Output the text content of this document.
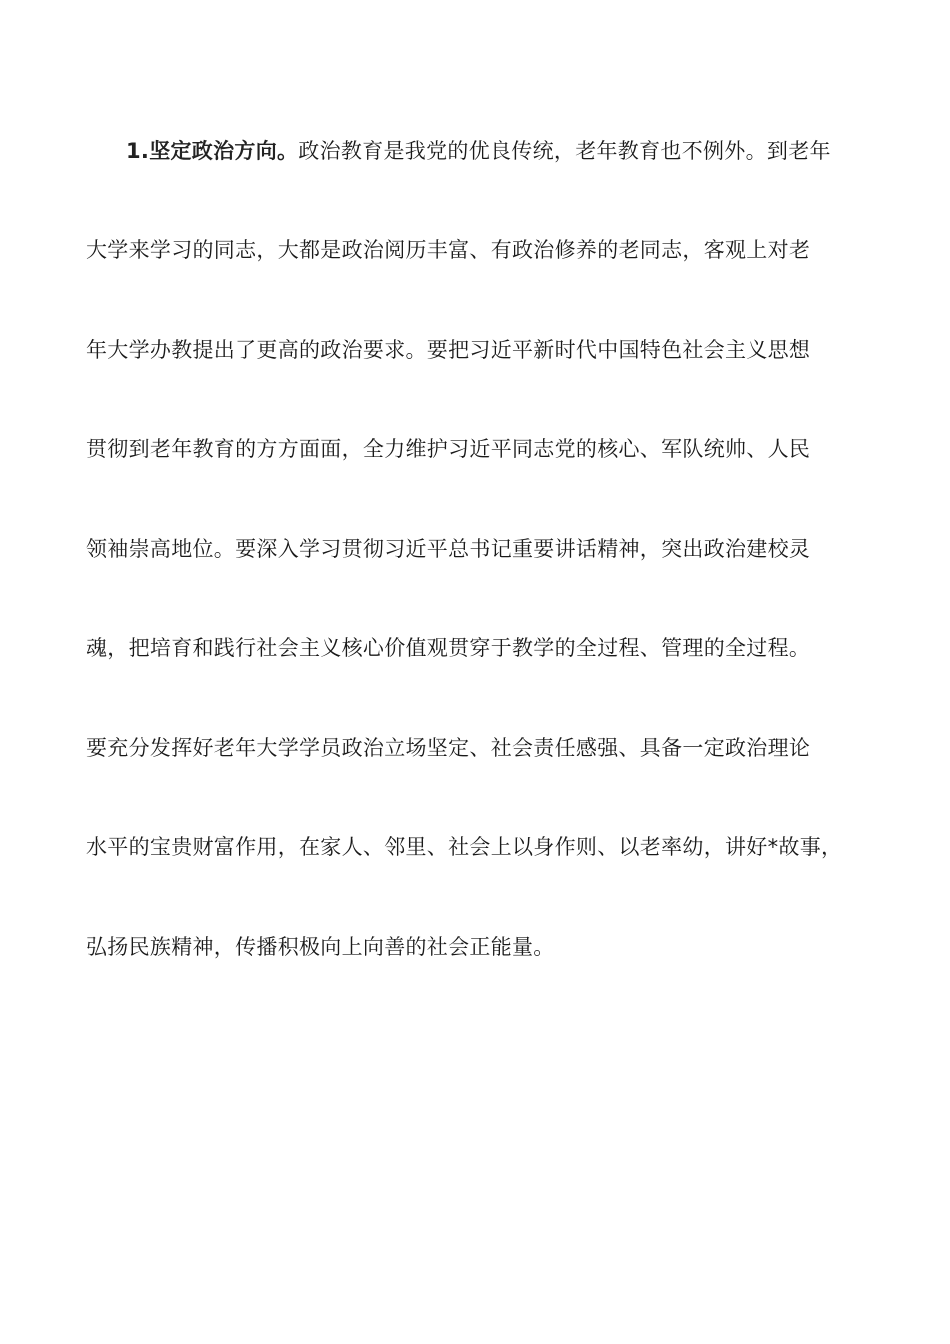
1.坚定政治方向。政治教育是我党的优良传统，老年教育也不例外。到老年
大学来学习的同志，大都是政治阅历丰富、有政治修养的老同志，客观上对老
年大学办教提出了更高的政治要求。要把习近平新时代中国特色社会主义思想
贯彻到老年教育的方方面面，全力维护习近平同志党的核心、军队统帅、人民
领袖崇高地位。要深入学习贯彻习近平总书记重要讲话精神，突出政治建校灵
魂，把培育和践行社会主义核心价值观贯穿于教学的全过程、管理的全过程。
要充分发挥好老年大学学员政治立场坚定、社会责任感强、具备一定政治理论
水平的宝贵财富作用，在家人、邻里、社会上以身作则、以老率幼，讲好*故事，
弘扬民族精神，传播积极向上向善的社会正能量。
